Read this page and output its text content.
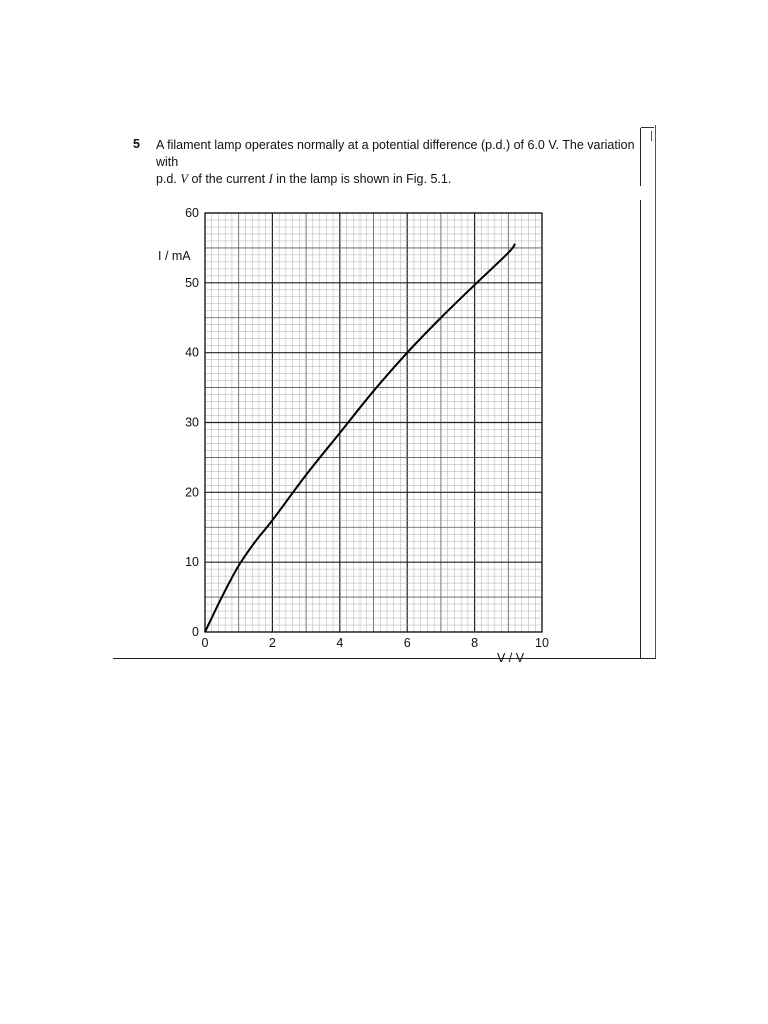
5 A filament lamp operates normally at a potential difference (p.d.) of 6.0 V. The variation with
p.d. V of the current I in the lamp is shown in Fig. 5.1.
0	2	4	6	8	10
0
10
20
30
40
50
60
I / mA
V / V
